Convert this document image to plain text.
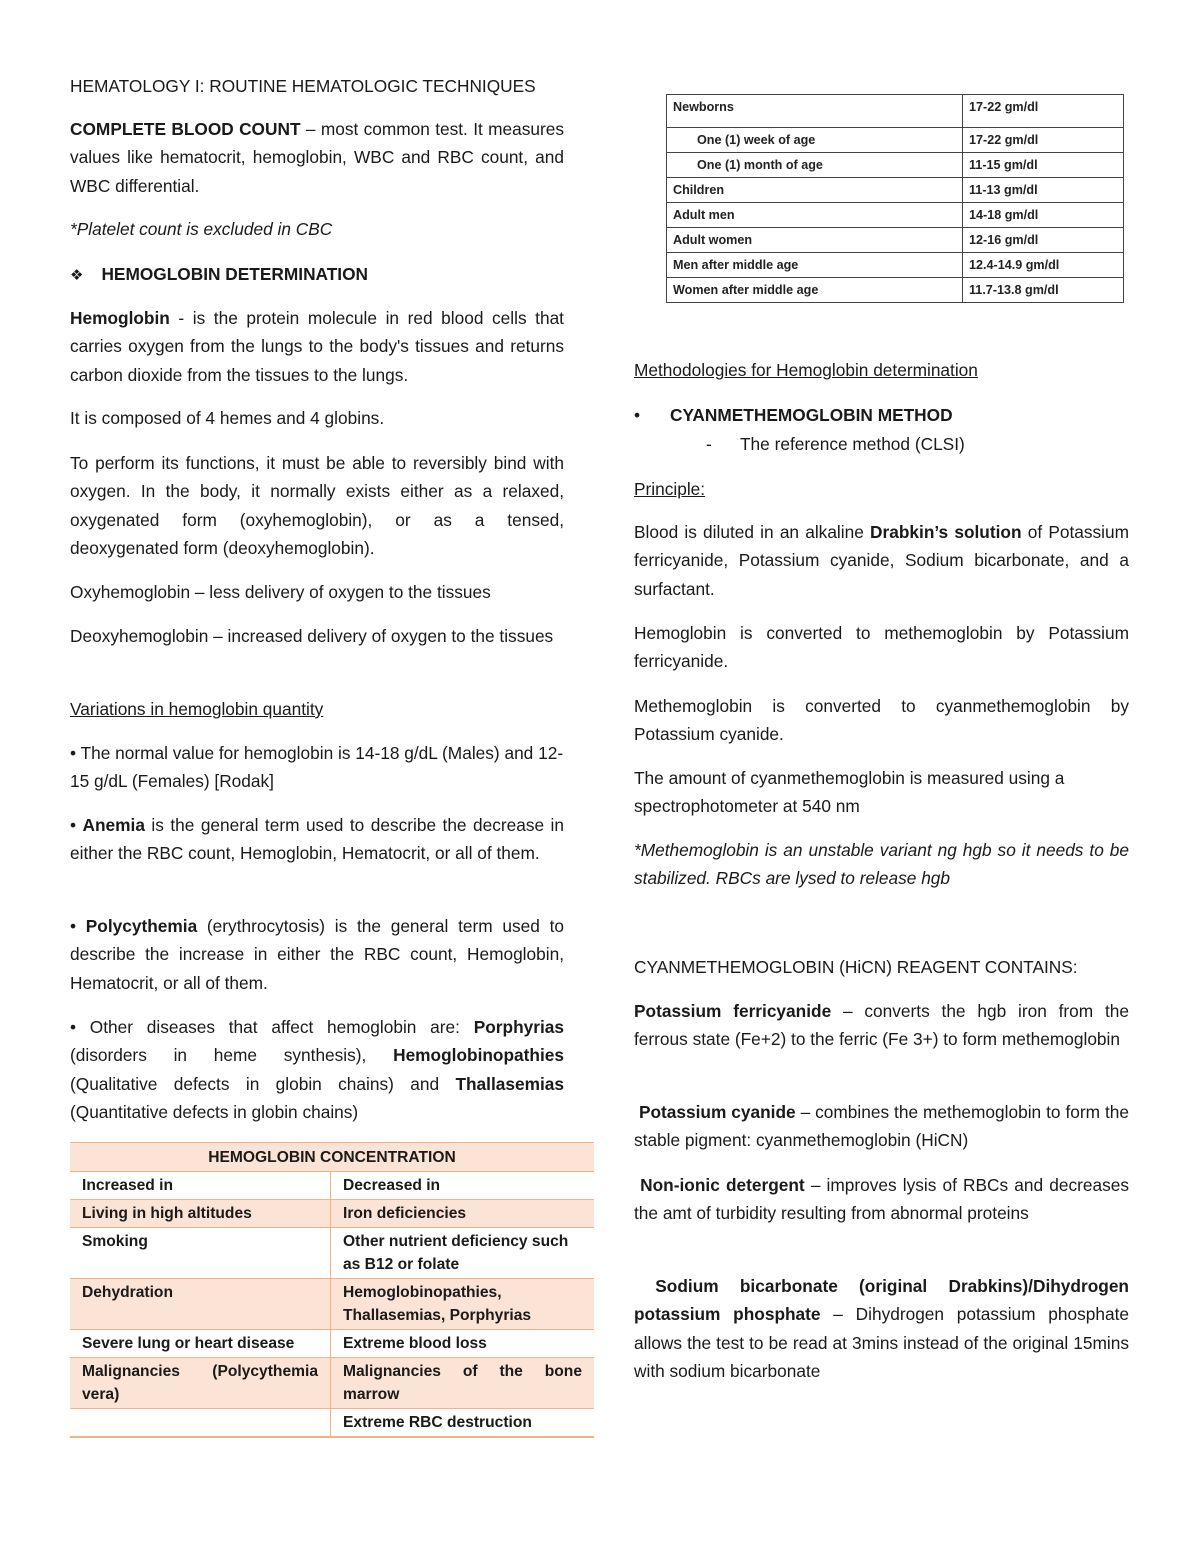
HEMATOLOGY I: ROUTINE HEMATOLOGIC TECHNIQUES

COMPLETE BLOOD COUNT – most common test. It measures values like hematocrit, hemoglobin, WBC and RBC count, and WBC differential.

*Platelet count is excluded in CBC

❖ HEMOGLOBIN DETERMINATION

Hemoglobin - is the protein molecule in red blood cells that carries oxygen from the lungs to the body's tissues and returns carbon dioxide from the tissues to the lungs.

It is composed of 4 hemes and 4 globins.

To perform its functions, it must be able to reversibly bind with oxygen. In the body, it normally exists either as a relaxed, oxygenated form (oxyhemoglobin), or as a tensed, deoxygenated form (deoxyhemoglobin).

Oxyhemoglobin – less delivery of oxygen to the tissues

Deoxyhemoglobin – increased delivery of oxygen to the tissues

Variations in hemoglobin quantity

• The normal value for hemoglobin is 14-18 g/dL (Males) and 12-15 g/dL (Females) [Rodak]

• Anemia is the general term used to describe the decrease in either the RBC count, Hemoglobin, Hematocrit, or all of them.

• Polycythemia (erythrocytosis) is the general term used to describe the increase in either the RBC count, Hemoglobin, Hematocrit, or all of them.

• Other diseases that affect hemoglobin are: Porphyrias (disorders in heme synthesis), Hemoglobinopathies (Qualitative defects in globin chains) and Thallasemias (Quantitative defects in globin chains)

HEMOGLOBIN CONCENTRATION	
Increased in	Decreased in
Living in high altitudes	Iron deficiencies
Smoking	Other nutrient deficiency such as B12 or folate
Dehydration	Hemoglobinopathies, Thallasemias, Porphyrias
Severe lung or heart disease	Extreme blood loss
Malignancies (Polycythemia vera)	Malignancies of the bone marrow
	Extreme RBC destruction
Newborns	17-22 gm/dl
One (1) week of age	17-22 gm/dl
One (1) month of age	11-15 gm/dl
Children	11-13 gm/dl
Adult men	14-18 gm/dl
Adult women	12-16 gm/dl
Men after middle age	12.4-14.9 gm/dl
Women after middle age	11.7-13.8 gm/dl

Methodologies for Hemoglobin determination

• CYANMETHEMOGLOBIN METHOD

- The reference method (CLSI)

Principle:

Blood is diluted in an alkaline Drabkin’s solution of Potassium ferricyanide, Potassium cyanide, Sodium bicarbonate, and a surfactant.

Hemoglobin is converted to methemoglobin by Potassium ferricyanide.

Methemoglobin is converted to cyanmethemoglobin by Potassium cyanide.

The amount of cyanmethemoglobin is measured using a spectrophotometer at 540 nm

*Methemoglobin is an unstable variant ng hgb so it needs to be stabilized. RBCs are lysed to release hgb

CYANMETHEMOGLOBIN (HiCN) REAGENT CONTAINS:

Potassium ferricyanide – converts the hgb iron from the ferrous state (Fe+2) to the ferric (Fe 3+) to form methemoglobin

Potassium cyanide – combines the methemoglobin to form the stable pigment: cyanmethemoglobin (HiCN)

Non-ionic detergent – improves lysis of RBCs and decreases the amt of turbidity resulting from abnormal proteins

Sodium bicarbonate (original Drabkins)/Dihydrogen potassium phosphate – Dihydrogen potassium phosphate allows the test to be read at 3mins instead of the original 15mins with sodium bicarbonate
